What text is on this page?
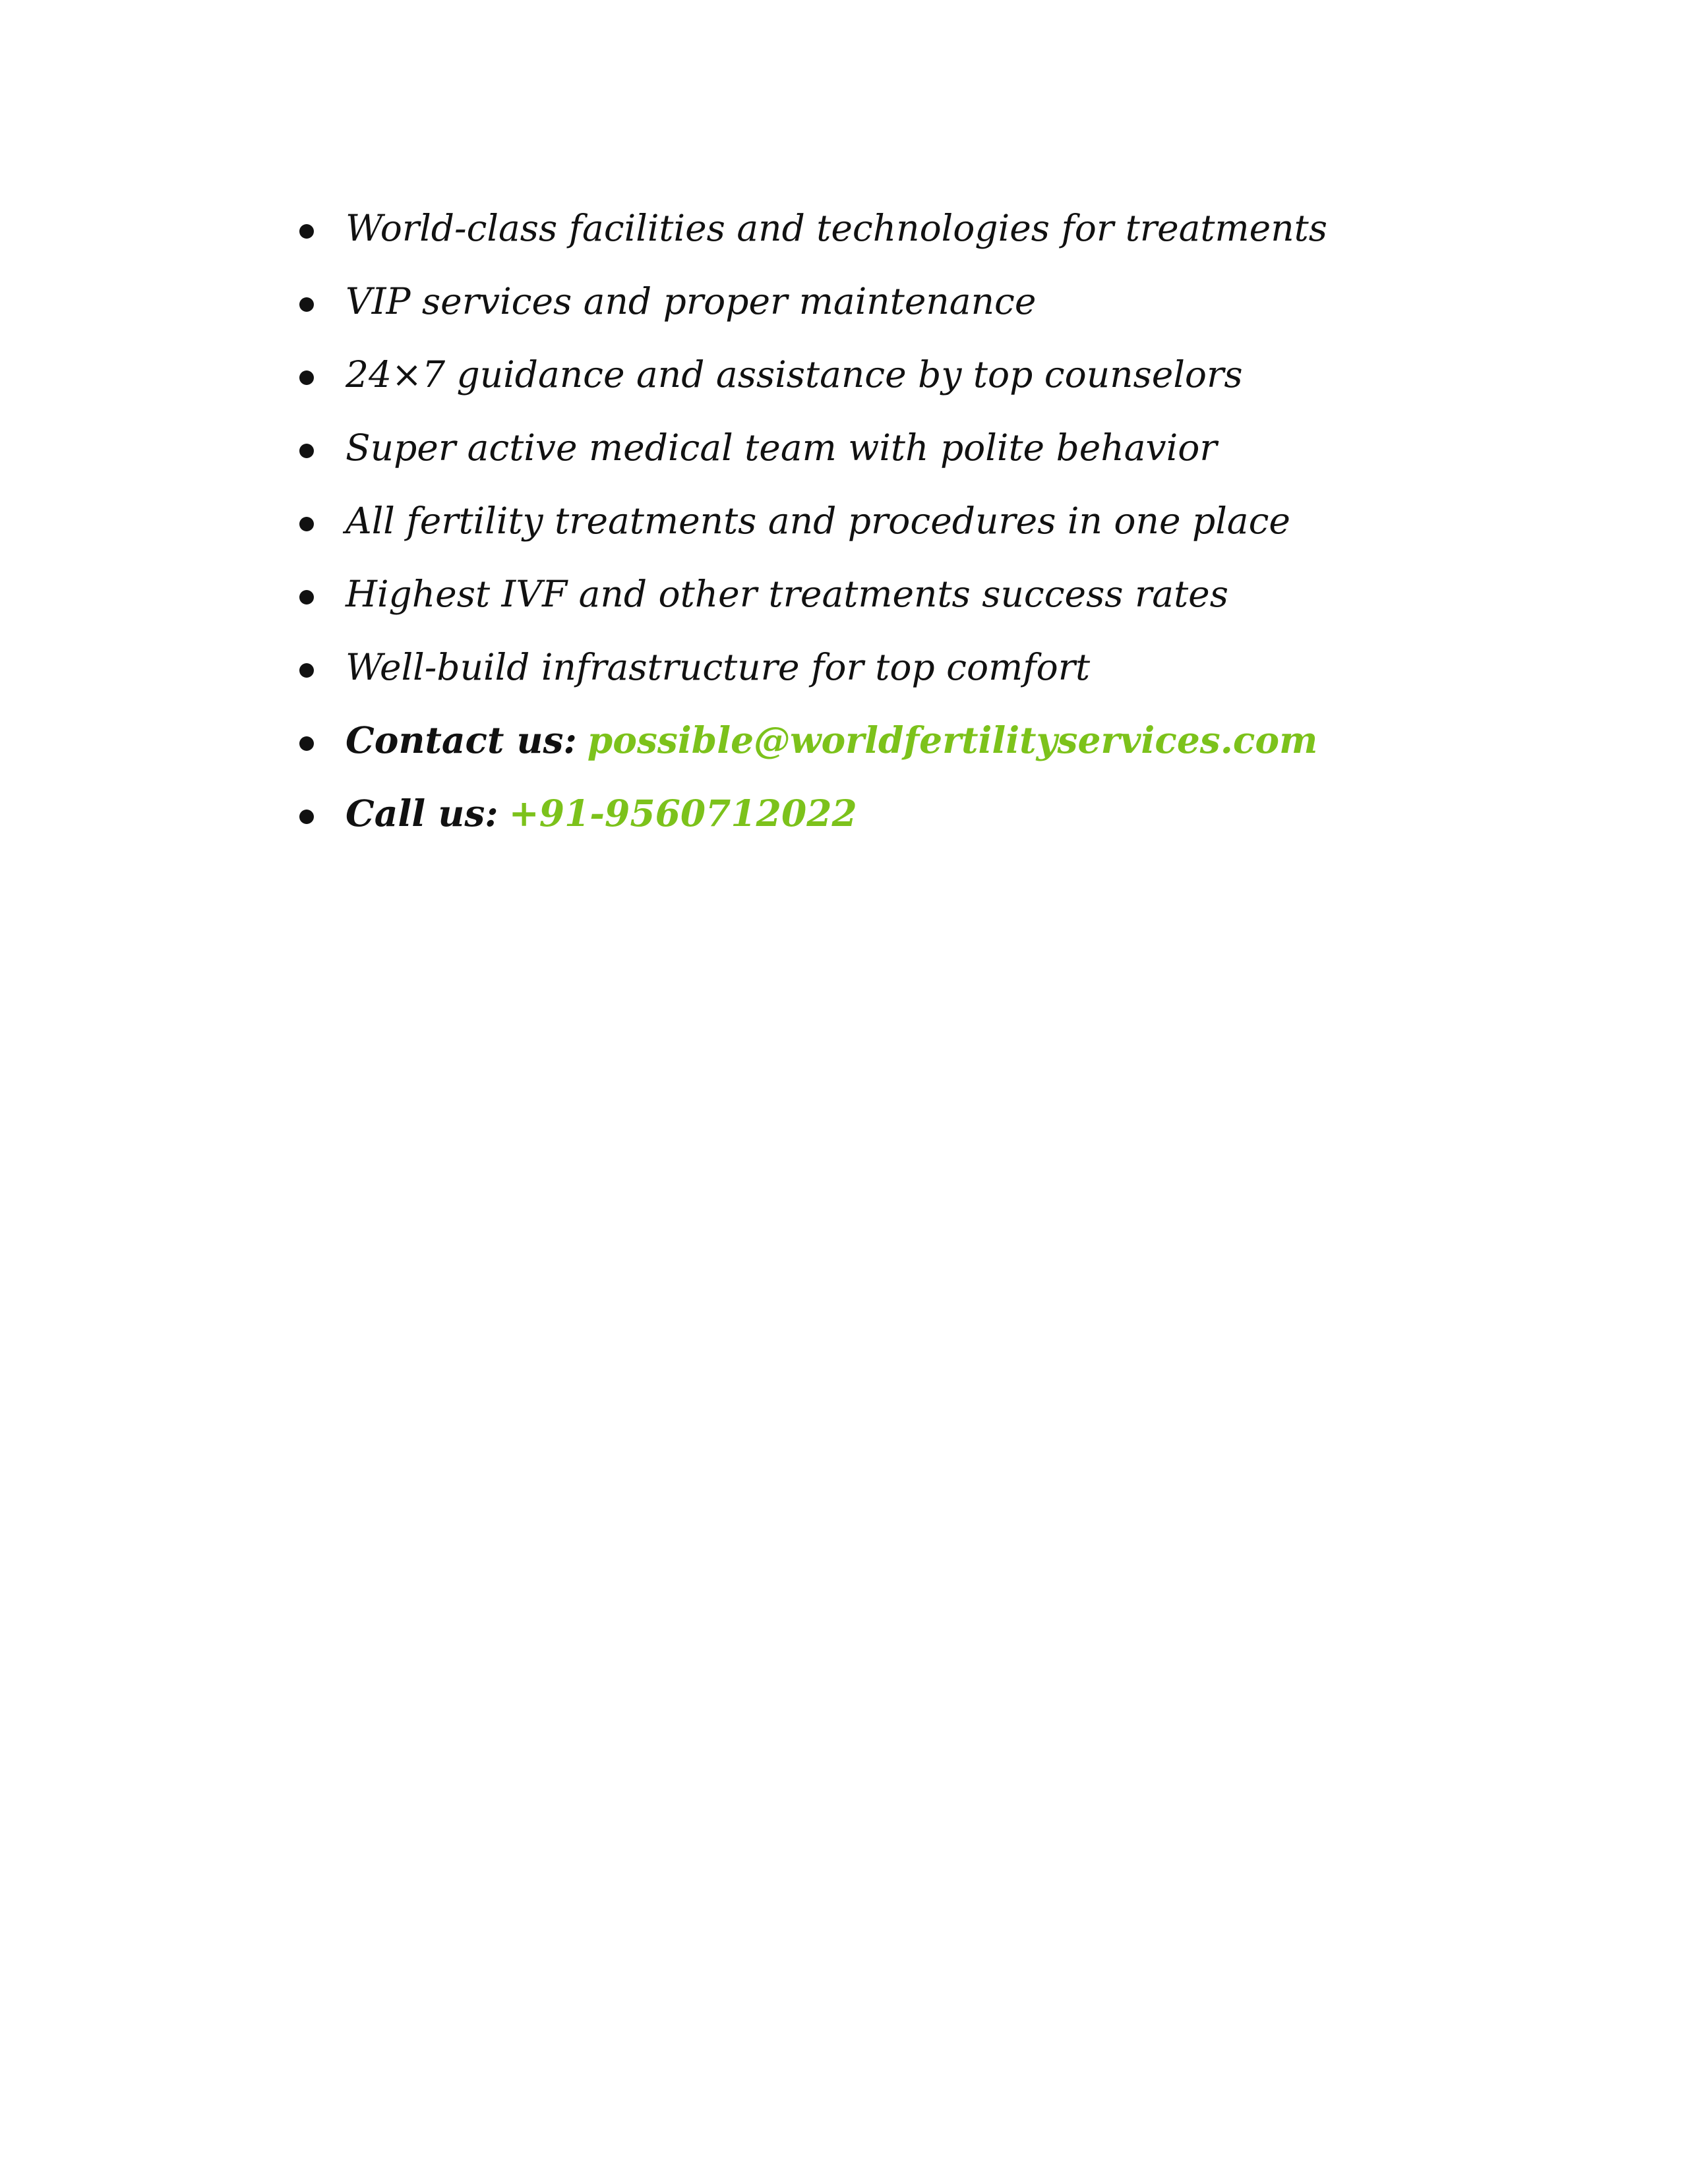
World-class facilities and technologies for treatments
VIP services and proper maintenance
24×7 guidance and assistance by top counselors
Super active medical team with polite behavior
All fertility treatments and procedures in one place
Highest IVF and other treatments success rates
Well-build infrastructure for top comfort
Contact us: possible@worldfertilityservices.com
Call us: +91-9560712022
